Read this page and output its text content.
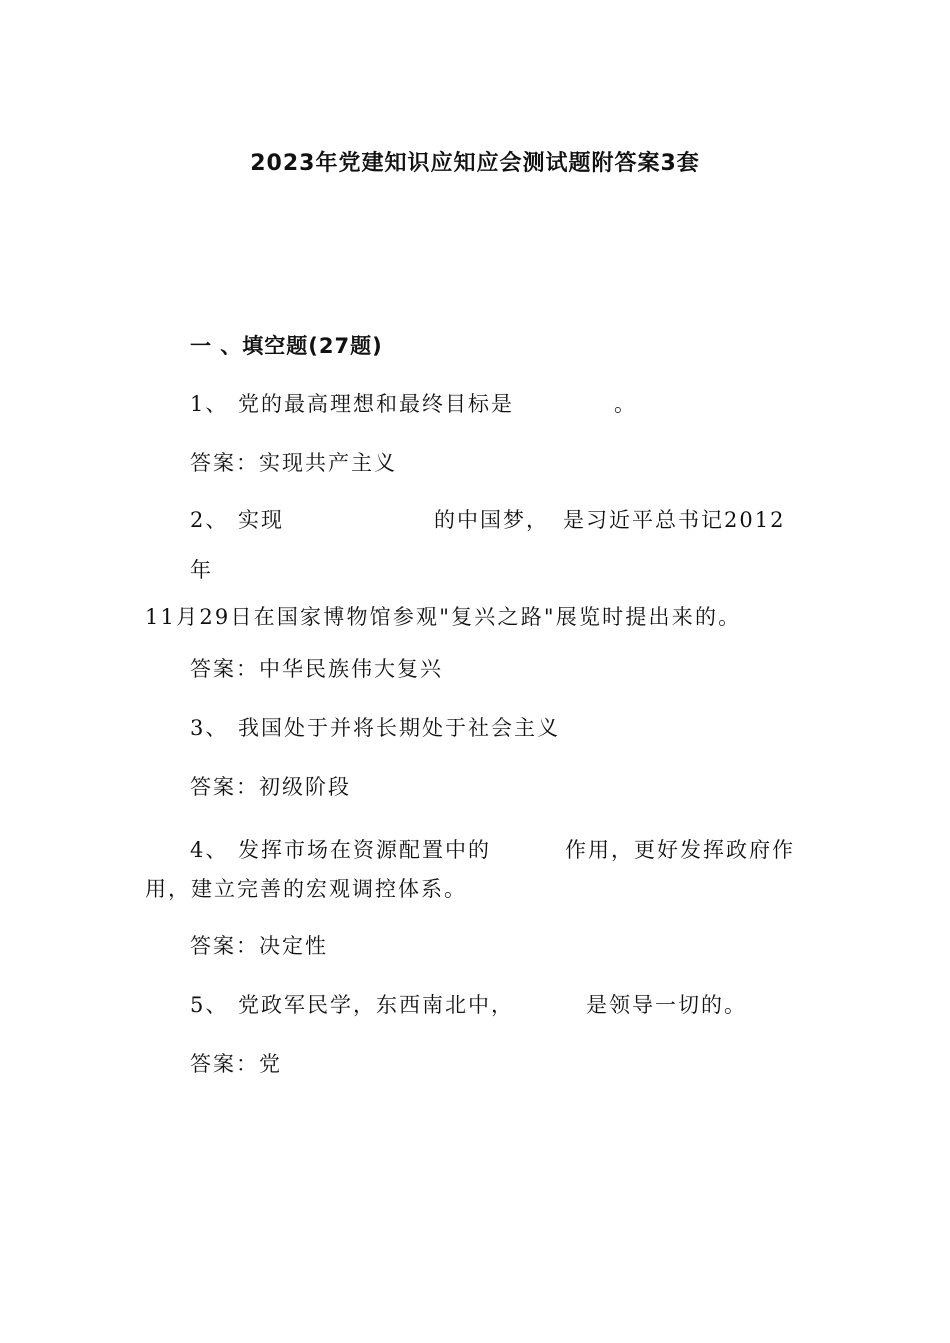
2023年党建知识应知应会测试题附答案3套
一 、填空题(27题)
1、 党的最高理想和最终目标是	。
答案：实现共产主义
2、 实现	的中国梦， 是习近平总书记2012
年
11月29日在国家博物馆参观"复兴之路"展览时提出来的。
答案：中华民族伟大复兴
3、 我国处于并将长期处于社会主义
答案：初级阶段
4、 发挥市场在资源配置中的	作用，更好发挥政府作
用，建立完善的宏观调控体系。
答案：决定性
5、 党政军民学，东西南北中，	是领导一切的。
答案：党
